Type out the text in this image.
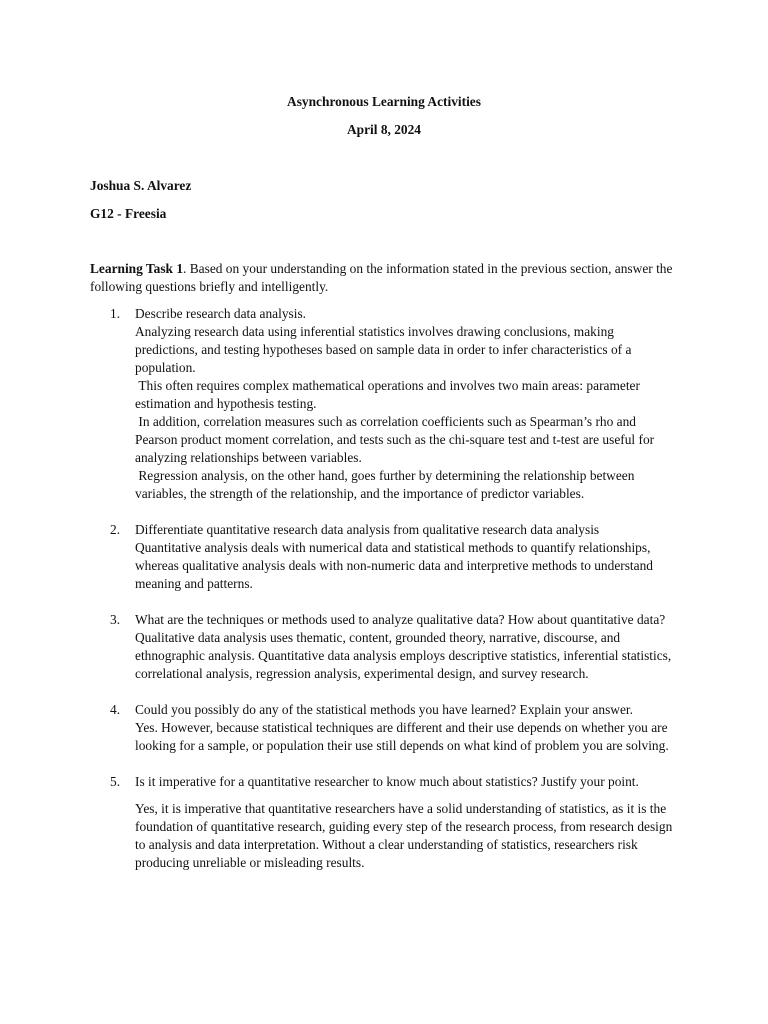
Asynchronous Learning Activities
April 8, 2024
Joshua S. Alvarez
G12 - Freesia

Learning Task 1. Based on your understanding on the information stated in the previous section, answer the following questions briefly and intelligently.

1. Describe research data analysis.
Analyzing research data using inferential statistics involves drawing conclusions, making predictions, and testing hypotheses based on sample data in order to infer characteristics of a population.
This often requires complex mathematical operations and involves two main areas: parameter estimation and hypothesis testing.
In addition, correlation measures such as correlation coefficients such as Spearman’s rho and Pearson product moment correlation, and tests such as the chi-square test and t-test are useful for analyzing relationships between variables.
Regression analysis, on the other hand, goes further by determining the relationship between variables, the strength of the relationship, and the importance of predictor variables.
2. Differentiate quantitative research data analysis from qualitative research data analysis
Quantitative analysis deals with numerical data and statistical methods to quantify relationships, whereas qualitative analysis deals with non-numeric data and interpretive methods to understand meaning and patterns.
3. What are the techniques or methods used to analyze qualitative data? How about quantitative data?
Qualitative data analysis uses thematic, content, grounded theory, narrative, discourse, and ethnographic analysis. Quantitative data analysis employs descriptive statistics, inferential statistics, correlational analysis, regression analysis, experimental design, and survey research.
4. Could you possibly do any of the statistical methods you have learned? Explain your answer.
Yes. However, because statistical techniques are different and their use depends on whether you are looking for a sample, or population their use still depends on what kind of problem you are solving.
5. Is it imperative for a quantitative researcher to know much about statistics? Justify your point.
Yes, it is imperative that quantitative researchers have a solid understanding of statistics, as it is the foundation of quantitative research, guiding every step of the research process, from research design to analysis and data interpretation. Without a clear understanding of statistics, researchers risk producing unreliable or misleading results.
